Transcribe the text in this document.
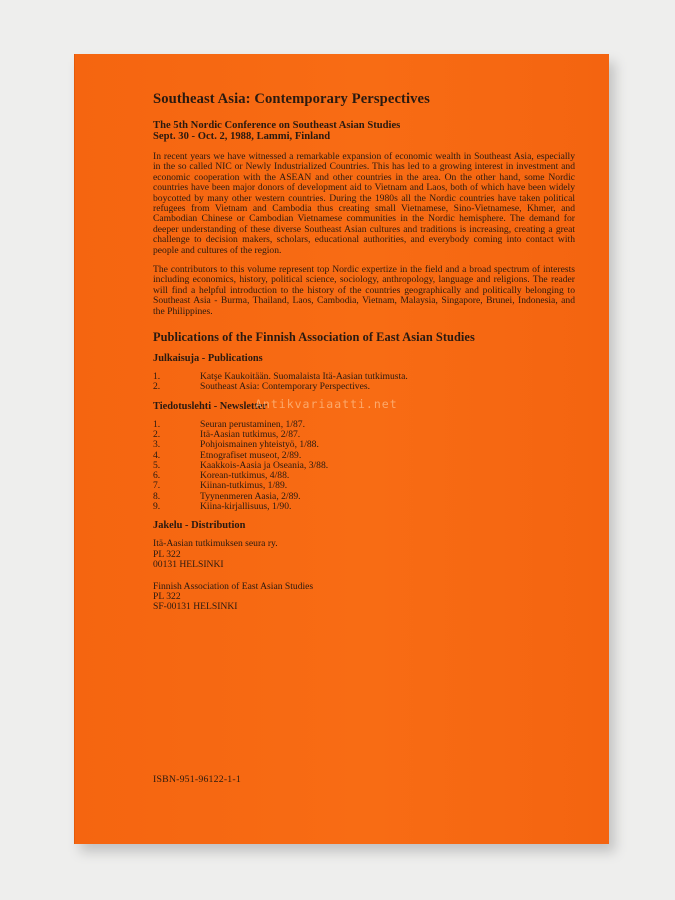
Southeast Asia: Contemporary Perspectives
The 5th Nordic Conference on Southeast Asian Studies
Sept. 30 - Oct. 2, 1988, Lammi, Finland

In recent years we have witnessed a remarkable expansion of economic wealth in Southeast Asia, especially in the so called NIC or Newly Industrialized Countries. This has led to a growing interest in investment and economic cooperation with the ASEAN and other countries in the area. On the other hand, some Nordic countries have been major donors of development aid to Vietnam and Laos, both of which have been widely boycotted by many other western countries. During the 1980s all the Nordic countries have taken political refugees from Vietnam and Cambodia thus creating small Vietnamese, Sino-Vietnamese, Khmer, and Cambodian Chinese or Cambodian Vietnamese communities in the Nordic hemisphere. The demand for deeper understanding of these diverse Southeast Asian cultures and traditions is increasing, creating a great challenge to decision makers, scholars, educational authorities, and everybody coming into contact with people and cultures of the region.

The contributors to this volume represent top Nordic expertize in the field and a broad spectrum of interests including economics, history, political science, sociology, anthropology, language and religions. The reader will find a helpful introduction to the history of the countries geographically and politically belonging to Southeast Asia - Burma, Thailand, Laos, Cambodia, Vietnam, Malaysia, Singapore, Brunei, Indonesia, and the Philippines.

Publications of the Finnish Association of East Asian Studies
Julkaisuja - Publications
1.	Katşe Kaukoitään. Suomalaista Itä-Aasian tutkimusta.
2.	Southeast Asia: Contemporary Perspectives.
Tiedotuslehti - Newsletter
1.	Seuran perustaminen, 1/87.
2.	Itä-Aasian tutkimus, 2/87.
3.	Pohjoismainen yhteistyö, 1/88.
4.	Etnografiset museot, 2/89.
5.	Kaakkois-Aasia ja Oseania, 3/88.
6.	Korean-tutkimus, 4/88.
7.	Kiinan-tutkimus, 1/89.
8.	Tyynenmeren Aasia, 2/89.
9.	Kiina-kirjallisuus, 1/90.
Jakelu - Distribution
Itä-Aasian tutkimuksen seura ry.
PL 322
00131 HELSINKI
Finnish Association of East Asian Studies
PL 322
SF-00131 HELSINKI
ISBN-951-96122-1-1
Antikvariaatti.net
